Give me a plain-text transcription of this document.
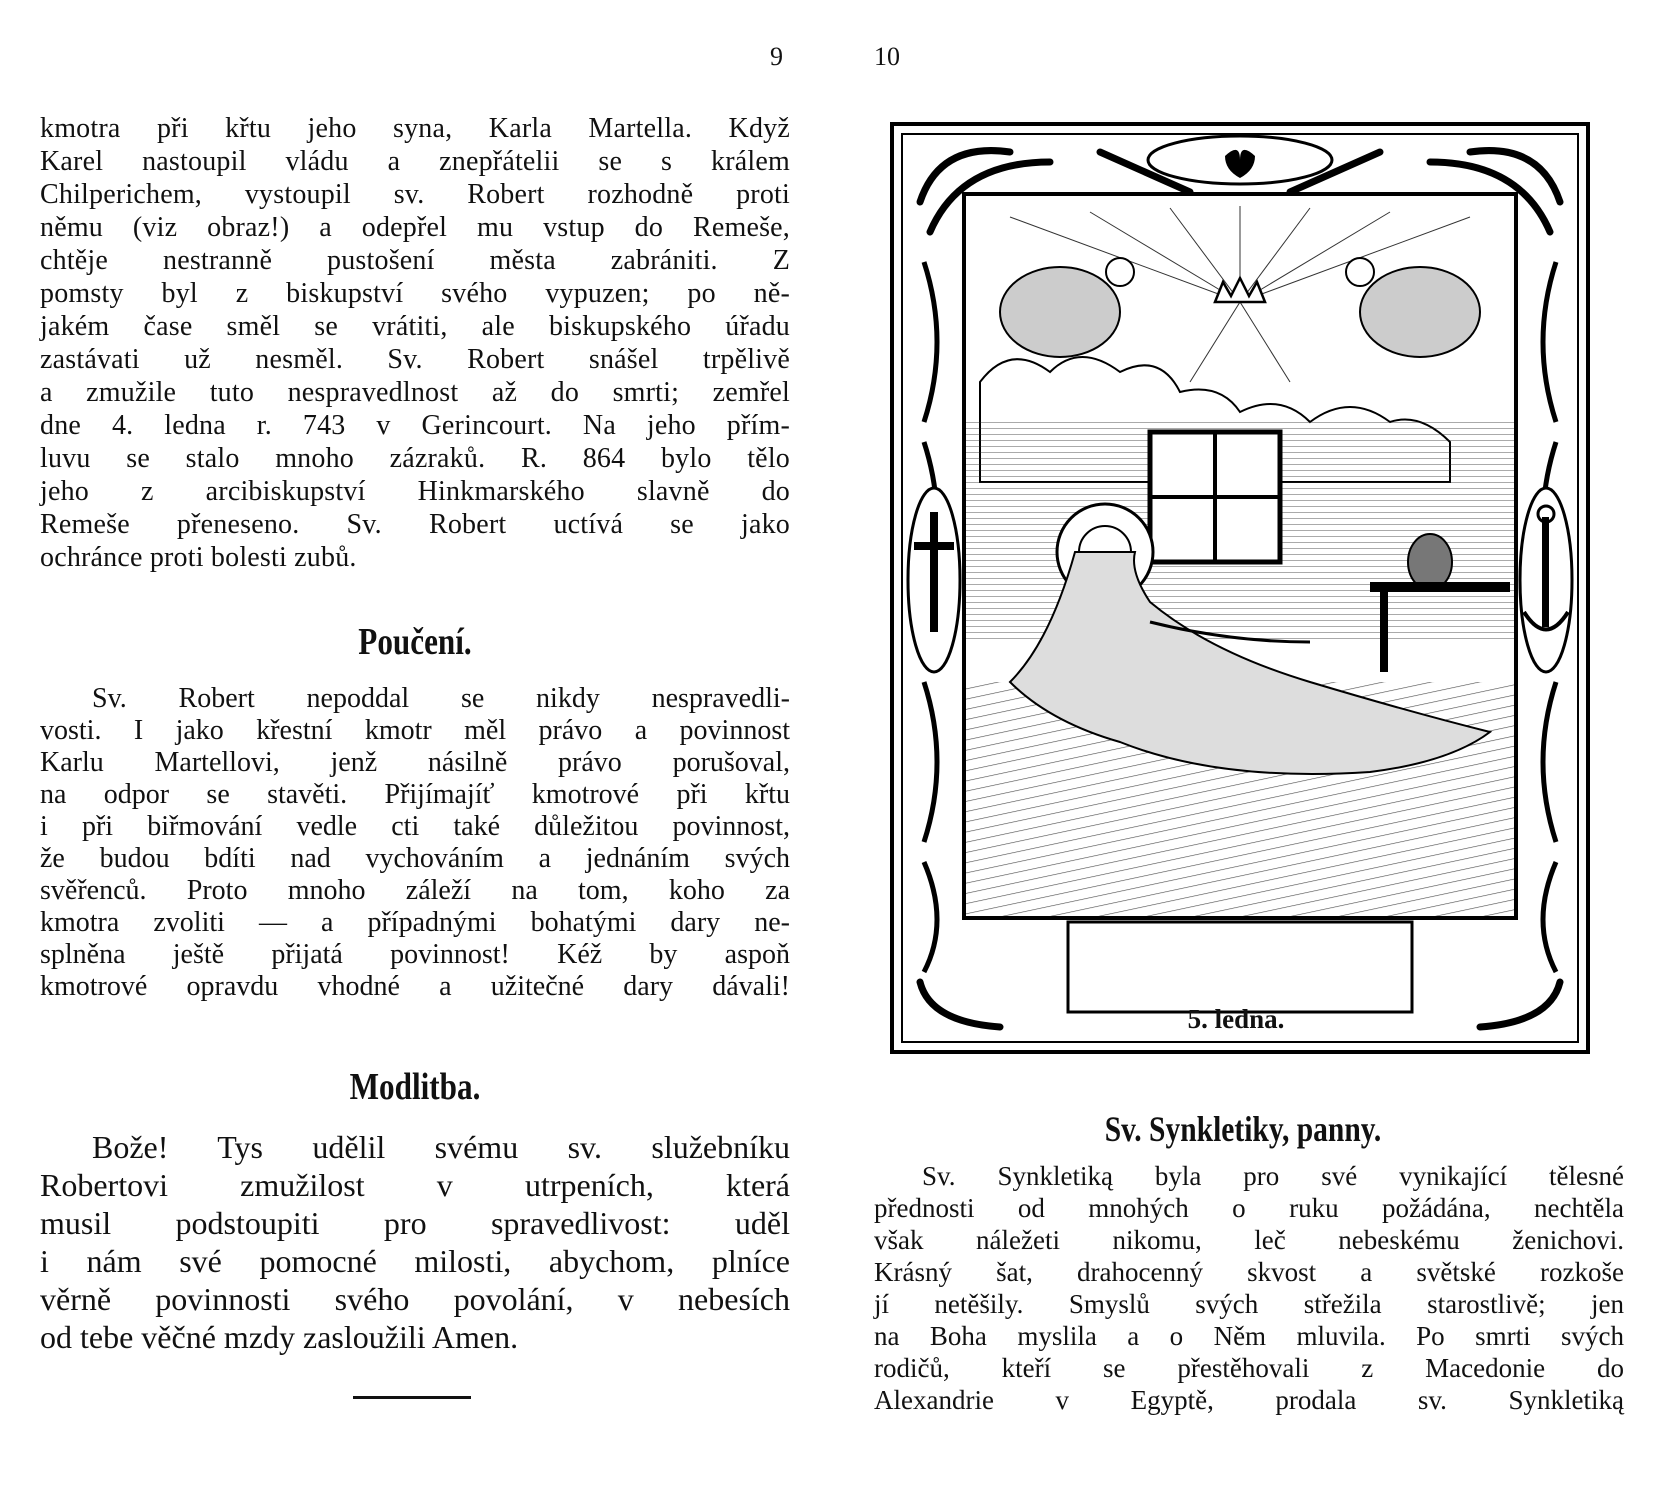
9

kmotra při křtu jeho syna, Karla Martella. Když

Karel nastoupil vládu a znepřátelii se s králem

Chilperichem, vystoupil sv. Robert rozhodně proti

němu (viz obraz!) a odepřel mu vstup do Remeše,

chtěje nestranně pustošení města zabrániti. Z

pomsty byl z biskupství svého vypuzen; po ně-

jakém čase směl se vrátiti, ale biskupského úřadu

zastávati už nesměl. Sv. Robert snášel trpělivě

a zmužile tuto nespravedlnost až do smrti; zemřel

dne 4. ledna r. 743 v Gerincourt. Na jeho přím-

luvu se stalo mnoho zázraků. R. 864 bylo tělo

jeho z arcibiskupství Hinkmarského slavně do

Remeše přeneseno. Sv. Robert uctívá se jako

ochránce proti bolesti zubů.

Poučení.

Sv. Robert nepoddal se nikdy nespravedli-

vosti. I jako křestní kmotr měl právo a povinnost

Karlu Martellovi, jenž násilně právo porušoval,

na odpor se stavěti. Přijímajíť kmotrové při křtu

i při biřmování vedle cti také důležitou povinnost,

že budou bdíti nad vychováním a jednáním svých

svěřenců. Proto mnoho záleží na tom, koho za

kmotra zvoliti — a případnými bohatými dary ne-

splněna ještě přijatá povinnost! Kéž by aspoň

kmotrové opravdu vhodné a užitečné dary dávali!

Modlitba.

Bože! Tys udělil svému sv. služebníku

Robertovi zmužilost v utrpeních, která

musil podstoupiti pro spravedlivost: uděl

i nám své pomocné milosti, abychom, plníce

věrně povinnosti svého povolání, v nebesích

od tebe věčné mzdy zasloužili Amen.

10
5. ledna.
Sv. Synkletiky, panny.

Sv. Synkletiką byla pro své vynikající tělesné

přednosti od mnohých o ruku požádána, nechtěla

však náležeti nikomu, leč nebeskému ženichovi.

Krásný šat, drahocenný skvost a světské rozkoše

jí netěšily. Smyslů svých střežila starostlivě; jen

na Boha myslila a o Něm mluvila. Po smrti svých

rodičů, kteří se přestěhovali z Macedonie do

Alexandrie v Egyptě, prodala sv. Synkletiką
